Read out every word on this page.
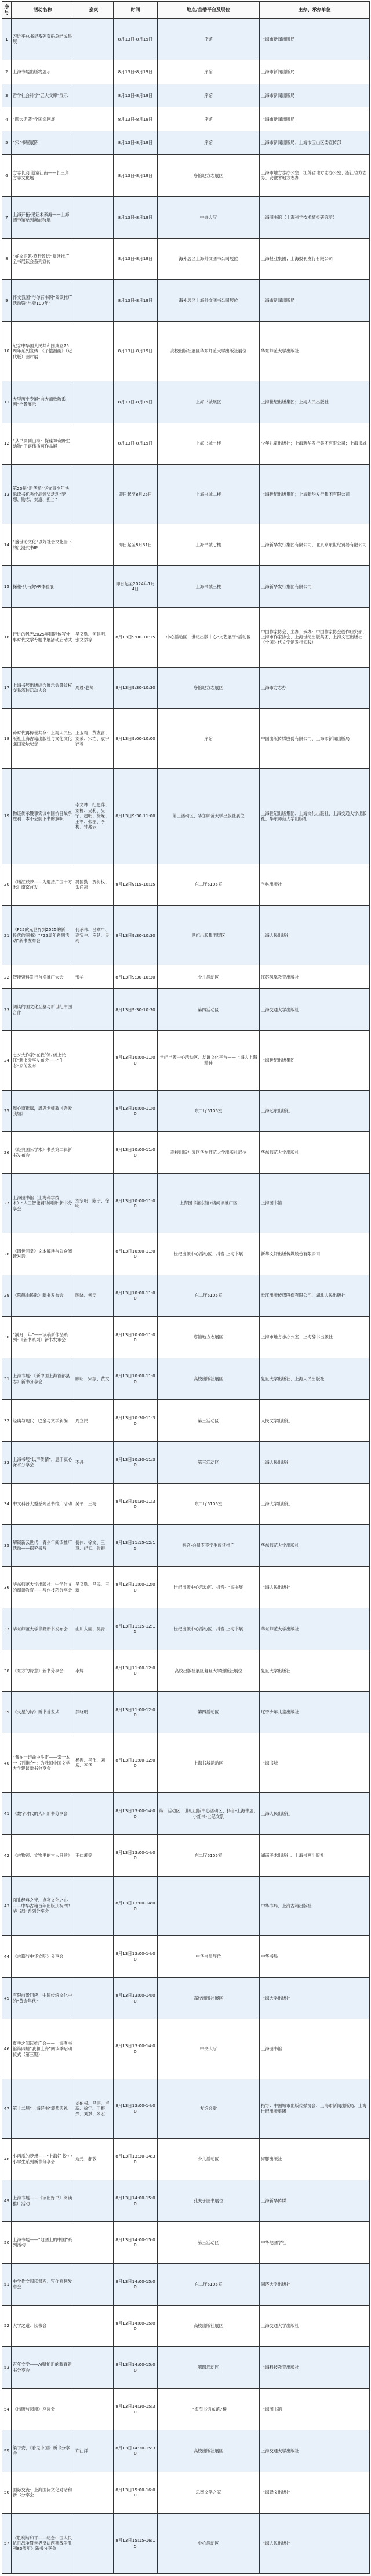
序号	活动名称	嘉宾	时间	地点/直播平台及展位	主办、承办单位
1	习近平总书记系列页码总结成果展		8月13日-8月19日	序馆	上海市新闻出版局
2	上海书展出版物展示		8月13日-8月19日	序馆	上海市新闻出版局
3	哲学社会科学“五大文库”展示		8月13日-8月19日	序馆	上海市新闻出版局
4	“四大名著”全国巡回展		8月13日-8月19日	序馆	上海市新闻出版局
5	“宋”书屋展陈		8月13日-8月19日	序馆	上海市新闻出版局；上海市宝山区委宣传部
6	方志长河 巡览江南——长三角方志文化展		8月13日-8月19日	序馆地方志展区	上海市地方志办公室；江苏省地方志办公室、浙江省方志办、安徽省地方志办
7	上海开拓·见证未来海——上海图书馆系列藏品特展		8月13日-8月19日	中央大厅	上海图书馆（上海科学技术情报研究所）
8	“好文正乾·笃行致远”阅读推广全书展读会系列宣传		8月13日-8月19日	海外展区上海外文图书公司展位	上海报业集团；上海报刊发行有限公司
9	伴文我国“与你有书网”阅读推广活动暨“出版100年”		8月13日-8月19日	海外展区上海外文图书公司展位	上海市新闻出版局
10	纪念中华国人民共和国成立75周年系列宣传：《子恺漫画》（近代版）图片展		8月13日-8月19日	高校出版社展区华东师范大学出版社展位	华东师范大学出版社
11	大型历史专展“向大师致敬系列”全景展示		8月13日-8月19日	上海书城展区	上海世纪出版集团；上海人民出版社
12	“从书页到山海：探秘神奇野生动物”王嘉伟插画作品展		8月13日-8月19日	上海书城七楼	少年儿童出版社；上海新华发行集团有限公司；上海书城
13	第20届“新华杯”华文青少年快乐读书优秀作品颁奖活动“梦想、励志、贫道、担当”		即日起至8月25日	上海书城二楼	上海世纪出版集团；上海新华发行集团有限公司
14	“盛世论文化”以好社会文化当下的沉浸式书IP		即日起至8月31日	上海书城七楼	上海新华发行集团有限公司；北京京东世纪贸易有限公司
15	探秘·典马黄VR体验展		即日起至2024年1月4日	上海书城三楼	上海新华发行集团有限公司
16	行进的风光2025年国际传写外事时代文学专题书展活动启动式	吴义勤、何建明、张文斌等	8月13日9:00-10:15	中心活动区、世纪出版中心“文艺展厅”活动区	中国作家协会、主办、承办：中国作家协会创作研究部、上海市作家协会、上海世纪出版集团、上海文艺出版社（全国时代文学馆发行实践）
17	上海书展出版综合展示会暨版权交易流转活动大会	周晨·老师	8月13日9:30-10:30	序馆地方志展区	上海市方志办
18	跨时代再传世共存：上海人民出版社上海古籍出版社与文化文化强国论坛纪念	王玉梅、黄友富、刘荣、宋浩、袁宇泽等	8月13日9:00-10:00	序馆	中国出版传媒股份有限公司、上海市新闻出版局
19	物证传承暨事实议中国抗日战争胜利一本不会倒下书的旗帜	李文林、纪思萍、刘柳、吴莉、吴宇、赵明、徐嵘、王军、张丽、李梅、钟兆云	8月13日9:30-11:00	第三活动区、华东师范大学出版社展位	上海世纪出版集团、上海文化出版社、上海交通大学出版社、华东师范大学出版社
20	《诺江跃梦——为迎接广国十万米》南京首发	冯国勤、贾树枚、朱尚惠	8月13日9:15-10:15	东二厅5105室	学林出版社
21	《F25欧元世界到2025的新一段代的图书》“F25周年系列活动”新书发布会	何承伟、吕章申、高宝生、应延、吴莉	8月13日9:30-10:30	世纪出版集团展区	上海人民出版社
22	智能资料发行首发推广大会	张华	8月13日9:30-10:30	少儿活动区	江苏凤凰教育出版社
23	阅读的国文化互鉴与新世纪中国合作		8月13日9:30-10:30	第四活动区	上海交通大学出版社
24	七夕大作家“在我的时候上长江”新书分享发布会——“生态”家的发布		8月13日10:00-11:00	世纪出版中心活动区、友谊文化平台——上海人上海精神	上海世纪出版集团
25	周心窗推廓，周思老师教《吾爱我城》		8月13日10:00-11:00	东二厅5105室	上海远东出版社
26	《经典国际学术》书系第二辑新书发布会		8月13日10:00-11:00	高校出版社展区华东师范大学出版社展位	华东师范大学出版社
27	上海图书馆（上海科学技术）“人工智能辅助阅读”新书分享会	刘宗明、陈宇、徐明	8月13日10:00-11:00	上海图书馆东馆7楼阅读推广区	上海图书馆
28	《四世同堂》文本解读与公众阅读对话		8月13日10:00-11:00	世纪出版中心活动区、抖音-上海书展	新华文轩出版传媒股份有限公司
29	《陈鹤山民歌》新书发布会	陈晓、何雯	8月13日10:00-11:00	东二厅5105室	长江出版传媒股份有限公司、湖北人民出版社
30	“满月一年”——读稿新作品系列：《新书系列》新书发布会		8月13日10:00-11:00	序馆地方志展区	上海市地方志办公室、上海辞书出版社
31	上海书展：《新中国上海首部县志》新书分享会	顾明、宋振、黄文	8月13日10:00-11:00	高校出版社展区	复旦大学出版社、上海人民出版社
32	经典与现代：巴金与文学新编	周立民	8月13日10:30-11:30	第三活动区	人民文学出版社
33	上海书展“以声传情”，思于真心深水分享会	李丹	8月13日10:30-11:30	第三活动区	上海人民出版社
34	中文科普大型系列丛书推广活动	吴平、王海	8月13日10:30-11:30	东二厅5105室	上海大学出版社
35	解锁新云世代：青少年阅读推广活动——探究书写	倪伟、徐文、王慧、纪实、张振	8月13日11:15-12:15	抖音-会员专享学生阅读推广	华东师范大学出版社
36	华东师范大学出版社：中学作文的阅读教育——写作技巧分享会	吴义勤、马民、王新	8月13日11:00-12:00	世纪出版中心活动区、抖音-上海书展	上海人民出版社
37	华东师范大学书籍新书发布会	山川入画、吴青	8月13日11:15-12:15	世纪出版中心活动区、抖音-上海书展	华东师范大学出版社
38	《东方的诗意》新书分享会	李辉	8月13日11:00-12:00	高校出版社展区复旦大学出版社展位	复旦大学出版社
39	《火星的诗》新书首发式	罗晓明	8月13日11:00-12:00	第四活动区	辽宁少年儿童出版社
40	“我在一切命中注定——亲一本一书刊推介”：为我国中国文学大学建议新书分享会	杨振、马伟、刘庆、李华	8月13日11:00-12:00	上海书城活动区	上海书城
41	《数字时代的人》新书分享会		8月13日13:00-14:00	第一活动区、世纪出版中心活动区、抖音-上海书展、小红书-世纪文景	上海人民出版社
42	《古物颂：文物里的古人日常》	王仁湘等	8月13日13:00-14:00	东二厅5105室	湖南美术出版社、上海书画出版社
43	面孔经典之光、点亮文化之心——中华古籍百年出版庆祝“中华书局”系列分享会		8月13日13:00-14:00		中华书局、上海古籍出版社
44	《古籍与中华文明》分享会		8月13日13:00-14:00	中华书局展位	中华书局
45	有限前景回应：中国传统文化中的“黄金年代”		8月13日13:00-14:00	高校出版社展区	上海大学出版社
46	夏季之阅读推广会——上海图书馆第四届“我和上海”阅读季启动仪式（第三期）		8月13日13:00-14:00	中央大厅	上海图书馆
47	第十二届“上海好书”颁奖典礼	刘伯根、马宗、卢新、徐宁、于振兴、刘斌、米宏	8月13日13:00-14:00	友谊会堂	指导：中国城市出版传媒协会、上海市新闻出版局、上海世纪出版集团
48	小西瓜的梦想——“上海好书”中小学生系列新书分享会	詹元、郝敬	8月13日13:30-14:30	少儿活动区	海豚出版社
49	上海书展——《读出好书》阅读推广活动		8月13日14:00-15:00	孔夫子图书展位	上海新华传媒
50	上海书展——“地图上的中国”系列活动		8月13日14:00-15:00	第三活动区	中华地图学社
51	中学作文阅读课程：写作系列发布会		8月13日14:00-15:00	东二厅5105室	同济大学出版社
52	大学之道：读书会		8月13日14:00-15:00	高校出版社展区	上海交通大学出版社
53	百年文学——AI赋能新的教育新书分享会		8月13日14:00-15:00	第四活动区	上海科技教育出版社
54	《出版与阅读》座谈会		8月13日14:30-15:30	上海图书馆东馆7楼	上海图书馆
55	梁子安，《看见中国》新书分享会	许汪洋	8月13日14:30-15:30	高校出版社展区	上海交通大学出版社
56	国际交流：上海国际文化对话和新书分享会		8月13日15:00-16:00	思南文学之家	上海译文出版社
57	《胜利与和平——纪念中国人民抗日战争暨世界反法西斯战争胜利80周年》新书分享会		8月13日15:15-16:15	中心活动区	上海人民出版社
